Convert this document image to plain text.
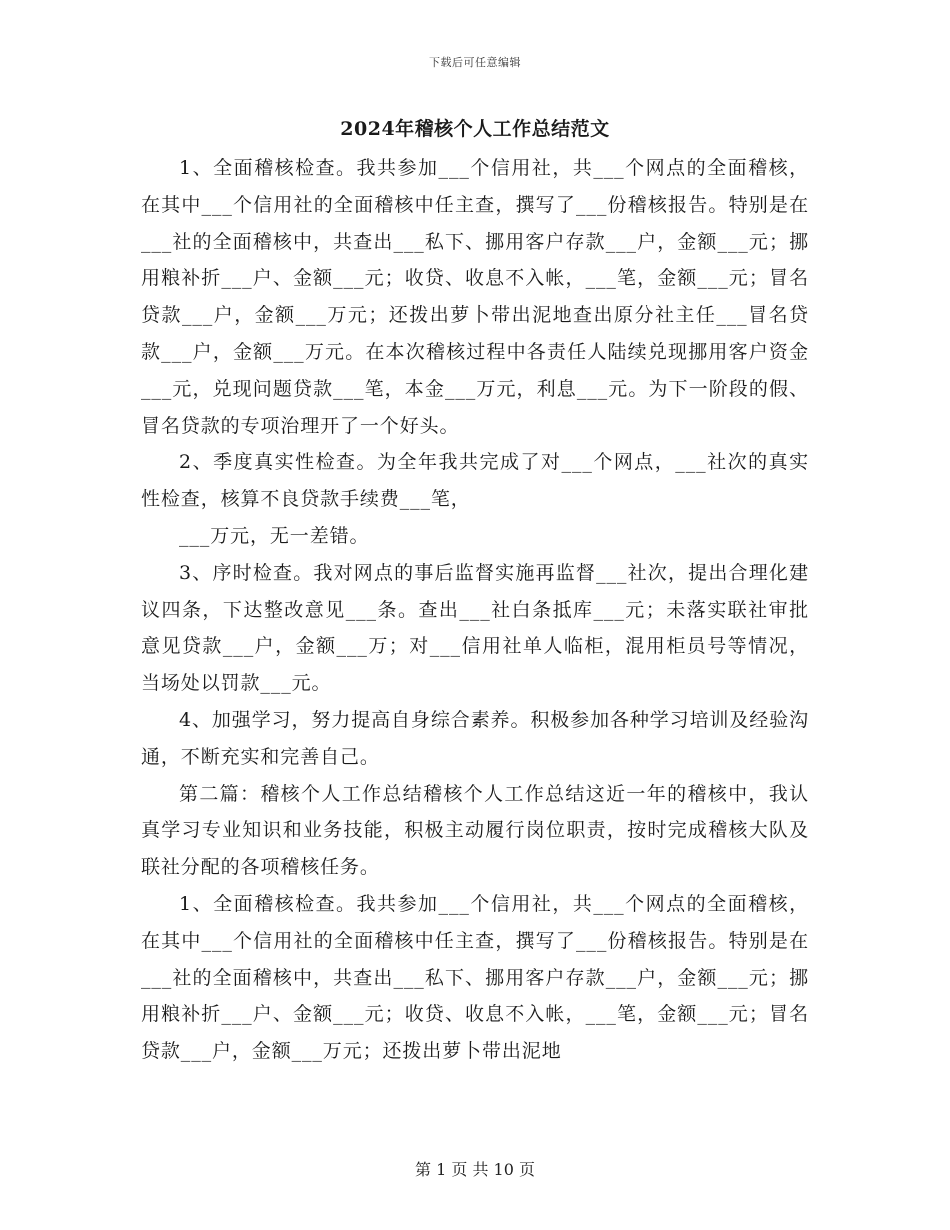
下载后可任意编辑
2024年稽核个人工作总结范文

1、全面稽核检查。我共参加___个信用社，共___个网点的全面稽核，在其中___个信用社的全面稽核中任主查，撰写了___份稽核报告。特别是在___社的全面稽核中，共查出___私下、挪用客户存款___户，金额___元；挪用粮补折___户、金额___元；收贷、收息不入帐，___笔，金额___元；冒名贷款___户，金额___万元；还拨出萝卜带出泥地查出原分社主任___冒名贷款___户，金额___万元。在本次稽核过程中各责任人陆续兑现挪用客户资金___元，兑现问题贷款___笔，本金___万元，利息___元。为下一阶段的假、冒名贷款的专项治理开了一个好头。

2、季度真实性检查。为全年我共完成了对___个网点，___社次的真实性检查，核算不良贷款手续费___笔，

___万元，无一差错。

3、序时检查。我对网点的事后监督实施再监督___社次，提出合理化建议四条，下达整改意见___条。查出___社白条抵库___元；未落实联社审批意见贷款___户，金额___万；对___信用社单人临柜，混用柜员号等情况，当场处以罚款___元。

4、加强学习，努力提高自身综合素养。积极参加各种学习培训及经验沟通，不断充实和完善自己。

第二篇：稽核个人工作总结稽核个人工作总结这近一年的稽核中，我认真学习专业知识和业务技能，积极主动履行岗位职责，按时完成稽核大队及联社分配的各项稽核任务。

1、全面稽核检查。我共参加___个信用社，共___个网点的全面稽核，在其中___个信用社的全面稽核中任主查，撰写了___份稽核报告。特别是在___社的全面稽核中，共查出___私下、挪用客户存款___户，金额___元；挪用粮补折___户、金额___元；收贷、收息不入帐，___笔，金额___元；冒名贷款___户，金额___万元；还拨出萝卜带出泥地

第 1 页 共 10 页
